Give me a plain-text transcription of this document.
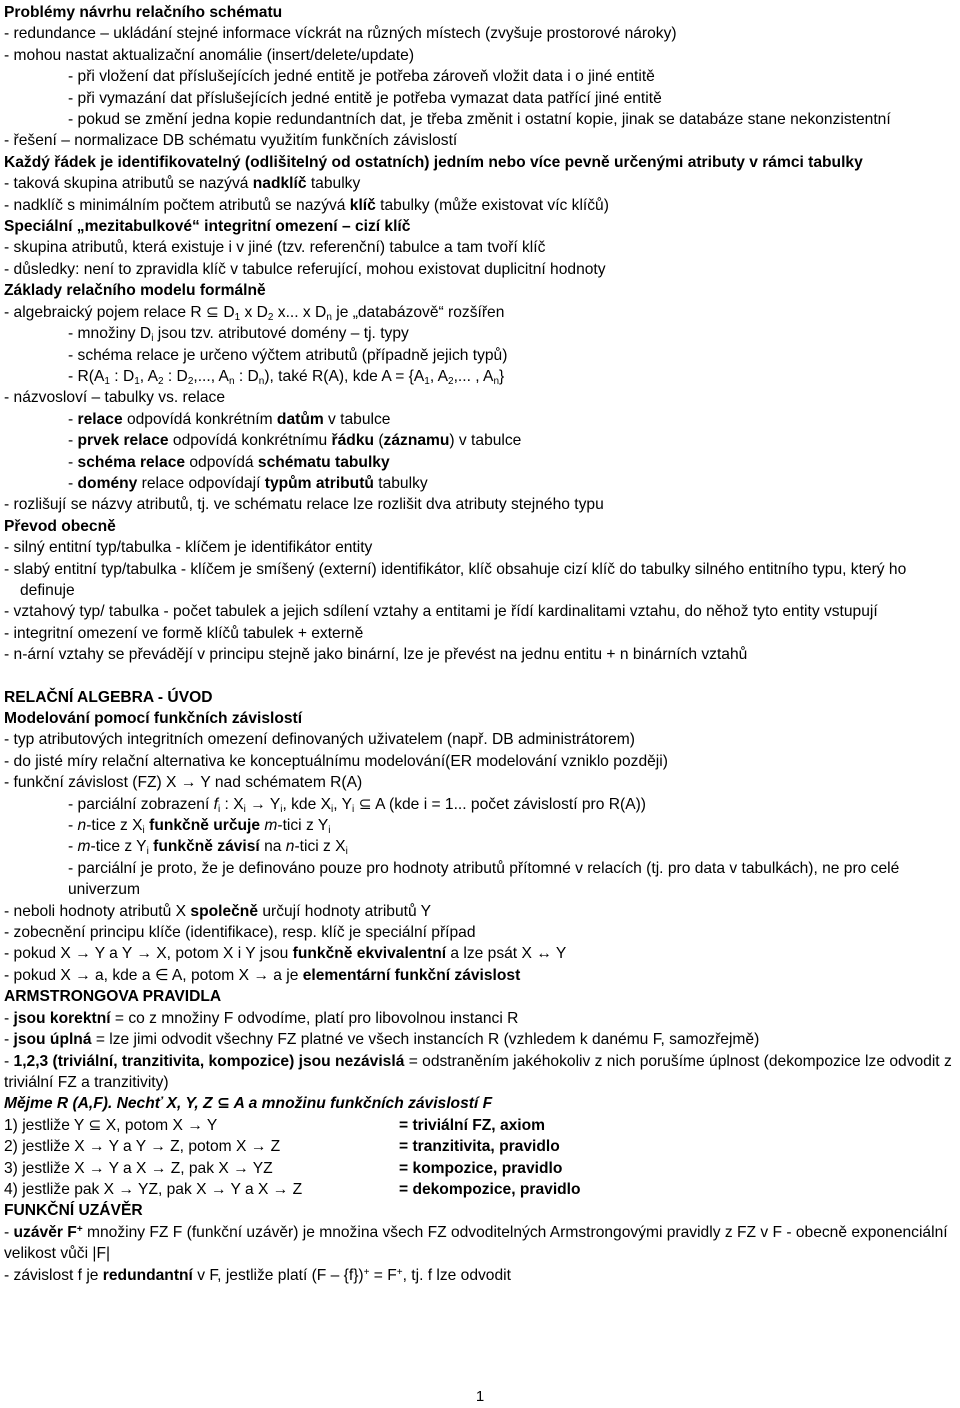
Problémy návrhu relačního schématu
- redundance – ukládání stejné informace víckrát na různých místech (zvyšuje prostorové nároky)
- mohou nastat aktualizační anomálie (insert/delete/update)
- při vložení dat příslušejících jedné entitě je potřeba zároveň vložit data i o jiné entitě
- při vymazání dat příslušejících jedné entitě je potřeba vymazat data patřící jiné entitě
- pokud se změní jedna kopie redundantních dat, je třeba změnit i ostatní kopie, jinak se databáze stane nekonzistentní
- řešení – normalizace DB schématu využitím funkčních závislostí
Každý řádek je identifikovatelný (odlišitelný od ostatních) jedním nebo více pevně určenými atributy v rámci tabulky
- taková skupina atributů se nazývá nadklíč tabulky
- nadklíč s minimálním počtem atributů se nazývá klíč tabulky (může existovat víc klíčů)
Speciální „mezitabulkové“ integritní omezení – cizí klíč
- skupina atributů, která existuje i v jiné (tzv. referenční) tabulce a tam tvoří klíč
- důsledky: není to zpravidla klíč v tabulce referující, mohou existovat duplicitní hodnoty
Základy relačního modelu formálně
- algebraický pojem relace R ⊆ $D_1$ x $D_2$ x... x $D_n$ je „databázově“ rozšířen
- množiny $D_i$ jsou tzv. atributové domény – tj. typy
- schéma relace je určeno výčtem atributů (případně jejich typů)
- $R(A_1$ : $D_1$, $A_2$ : $D_2$,..., $A_n$ : $D_n$), také R(A), kde $A = \{A_1$, $A_2$,... , $A_n$}
- názvosloví – tabulky vs. relace
- relace odpovídá konkrétním datům v tabulce
- prvek relace odpovídá konkrétnímu řádku (záznamu) v tabulce
- schéma relace odpovídá schématu tabulky
- domény relace odpovídají typům atributů tabulky
- rozlišují se názvy atributů, tj. ve schématu relace lze rozlišit dva atributy stejného typu
Převod obecně
- silný entitní typ/tabulka - klíčem je identifikátor entity
- slabý entitní typ/tabulka - klíčem je smíšený (externí) identifikátor, klíč obsahuje cizí klíč do tabulky silného entitního typu, který ho definuje
- vztahový typ/ tabulka - počet tabulek a jejich sdílení vztahy a entitami je řídí kardinalitami vztahu, do něhož tyto entity vstupují
- integritní omezení ve formě klíčů tabulek + externě
- n-ární vztahy se převádějí v principu stejně jako binární, lze je převést na jednu entitu + n binárních vztahů
RELAČNÍ ALGEBRA - ÚVOD
Modelování pomocí funkčních závislostí
- typ atributových integritních omezení definovaných uživatelem (např. DB administrátorem)
- do jisté míry relační alternativa ke konceptuálnímu modelování(ER modelování vzniklo později)
- funkční závislost (FZ) X → Y nad schématem R(A)
- parciální zobrazení $f_i$ : $X_i \to Y_i$, kde $X_i$, $Y_i$ ⊆ A (kde i = 1... počet závislostí pro R(A))
- n-tice z $X_i$ funkčně určuje m-tici z $Y_i$
- m-tice z $Y_i$ funkčně závisí na n-tici z $X_i$
- parciální je proto, že je definováno pouze pro hodnoty atributů přítomné v relacích (tj. pro data v tabulkách), ne pro celé univerzum
- neboli hodnoty atributů X společně určují hodnoty atributů Y
- zobecnění principu klíče (identifikace), resp. klíč je speciální případ
- pokud X → Y a Y → X, potom X i Y jsou funkčně ekvivalentní a lze psát X ↔ Y
- pokud X → a, kde a ∈ A, potom X → a je elementární funkční závislost
ARMSTRONGOVA PRAVIDLA
- jsou korektní = co z množiny F odvodíme, platí pro libovolnou instanci R
- jsou úplná = lze jimi odvodit všechny FZ platné ve všech instancích R (vzhledem k danému F, samozřejmě)
- 1,2,3 (triviální, tranzitivita, kompozice) jsou nezávislá = odstraněním jakéhokoliv z nich porušíme úplnost (dekompozice lze odvodit z triviální FZ a tranzitivity)
Mějme R (A,F). Nechť X, Y, Z ⊆ A a množinu funkčních závislostí F
1) jestliže Y ⊆ X, potom X → Y	= triviální FZ, axiom
2) jestliže X → Y a Y → Z, potom X → Z	= tranzitivita, pravidlo
3) jestliže X → Y a X → Z, pak X → YZ	= kompozice, pravidlo
4) jestliže pak X → YZ, pak X → Y a X → Z	= dekompozice, pravidlo
FUNKČNÍ UZÁVĚR
- uzávěr F+ množiny FZ F (funkční uzávěr) je množina všech FZ odvoditelných Armstrongovými pravidly z FZ v F - obecně exponenciální velikost vůči |F|
- závislost f je redundantní v F, jestliže platí (F – {f})+ = F+, tj. f lze odvodit
1
